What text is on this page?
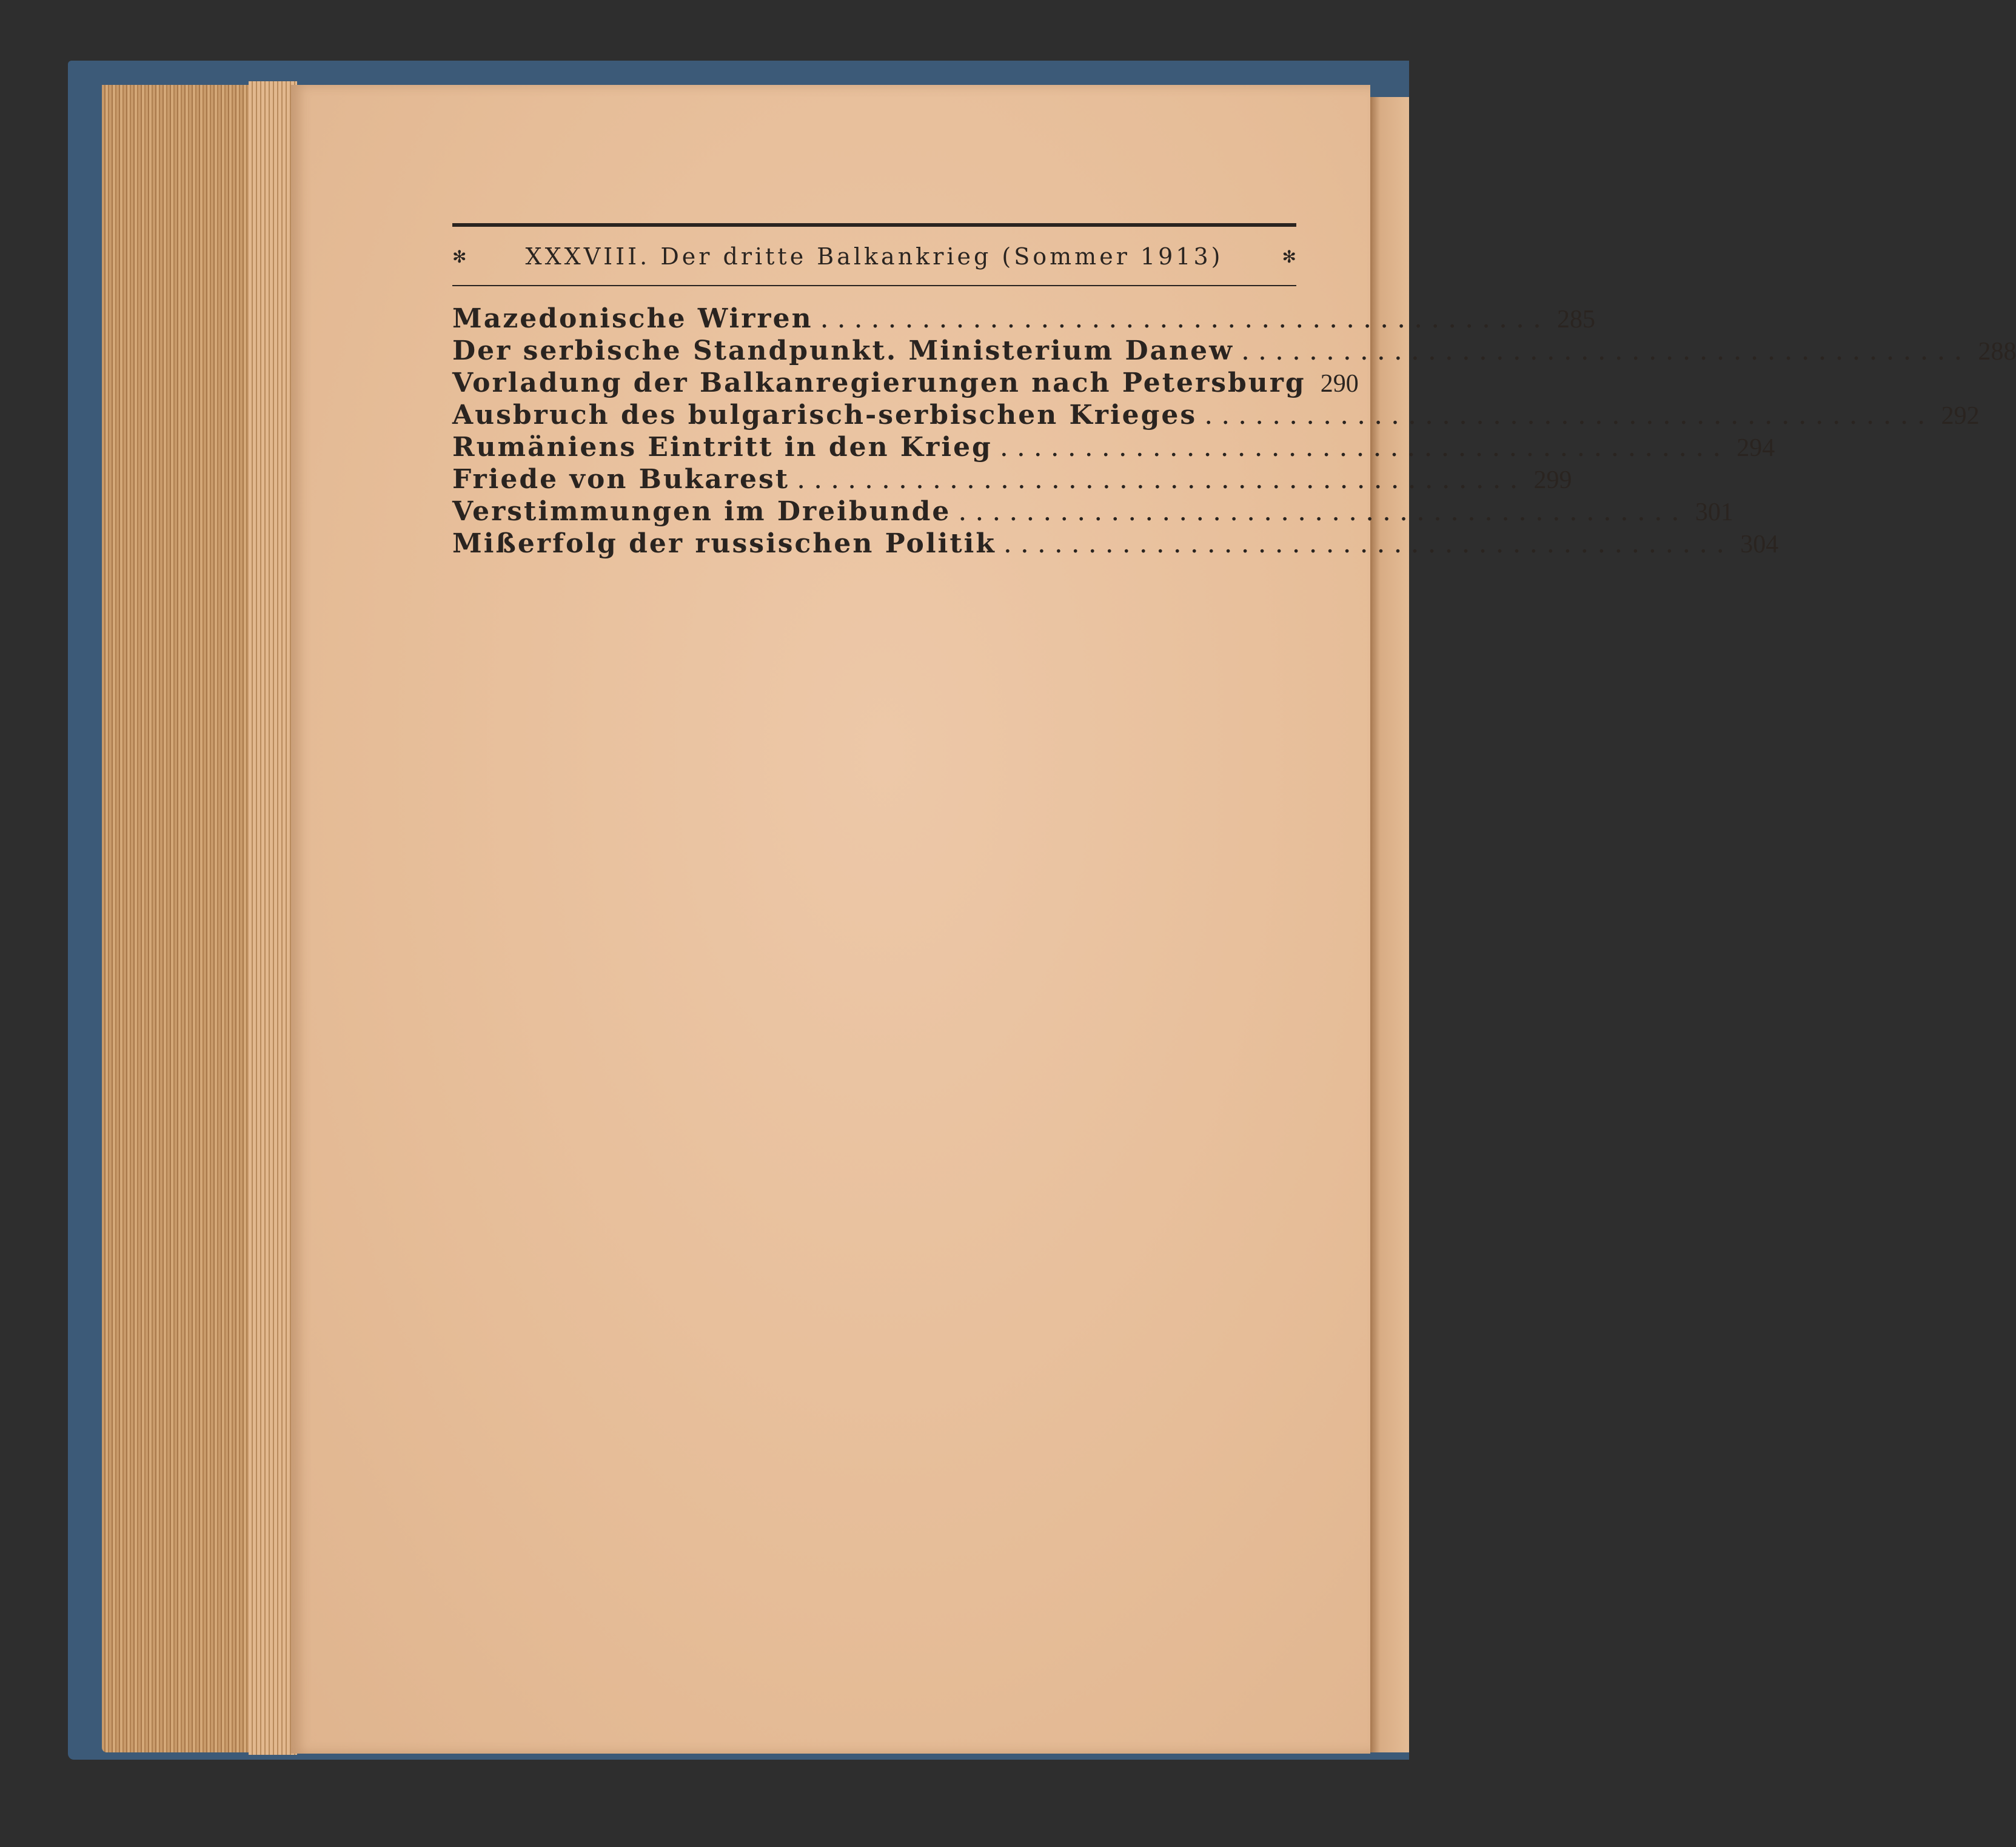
✻	XXXVIII. Der dritte Balkankrieg (Sommer 1913)	✻
Mazedonische Wirren ........................................... 285
Der serbische Standpunkt. Ministerium Danew ........................................... 288
Vorladung der Balkanregierungen nach Petersburg 290
Ausbruch des bulgarisch-serbischen Krieges ........................................... 292
Rumäniens Eintritt in den Krieg ........................................... 294
Friede von Bukarest ........................................... 299
Verstimmungen im Dreibunde ........................................... 301
Mißerfolg der russischen Politik ........................................... 304
